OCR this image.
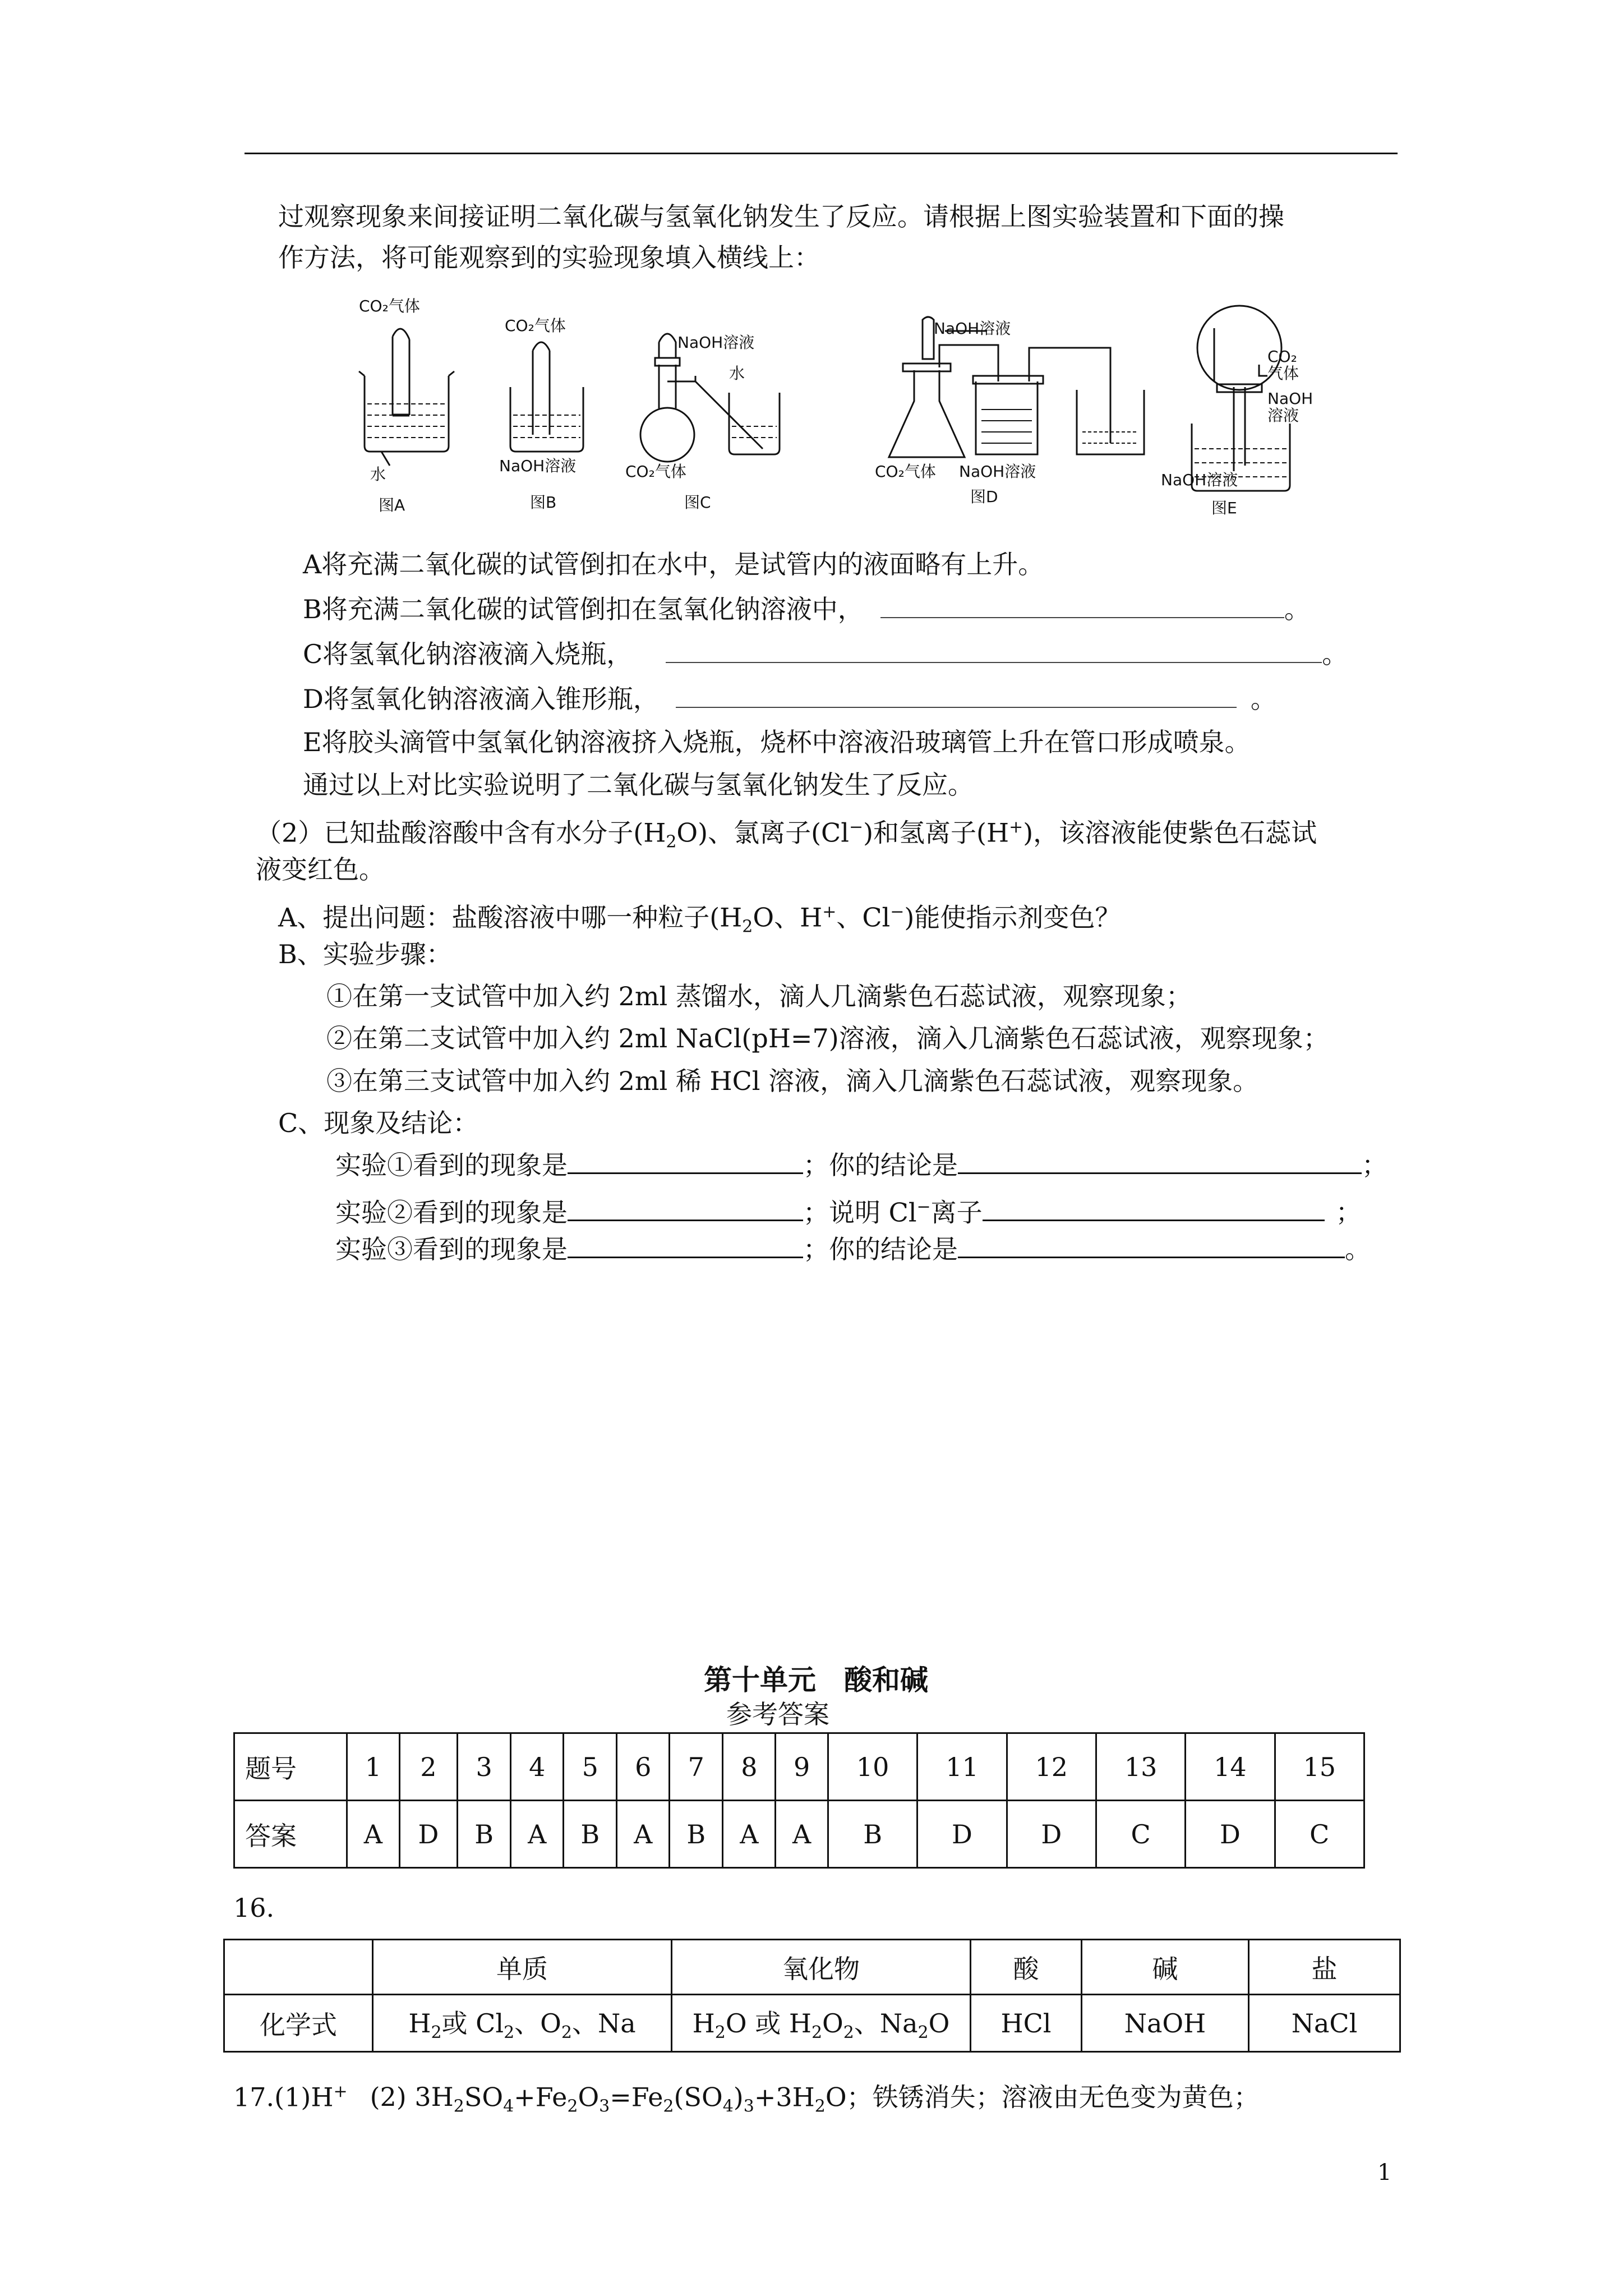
过观察现象来间接证明二氧化碳与氢氧化钠发生了反应。请根据上图实验装置和下面的操
作方法，将可能观察到的实验现象填入横线上：
CO₂气体
水
图A
CO₂气体
NaOH溶液
图B
NaOH溶液
水
CO₂气体
图C
NaOH溶液
CO₂气体 NaOH溶液
图D
CO₂
气体
NaOH
溶液
NaOH溶液
图E
A将充满二氧化碳的试管倒扣在水中，是试管内的液面略有上升。
B将充满二氧化碳的试管倒扣在氢氧化钠溶液中，	。
C将氢氧化钠溶液滴入烧瓶，	。
D将氢氧化钠溶液滴入锥形瓶，	。
E将胶头滴管中氢氧化钠溶液挤入烧瓶，烧杯中溶液沿玻璃管上升在管口形成喷泉。
通过以上对比实验说明了二氧化碳与氢氧化钠发生了反应。
（2）已知盐酸溶酸中含有水分子$(H_2O)$、氯离子(Cl−)和氢离子(H+)，该溶液能使紫色石蕊试
液变红色。
A、提出问题：盐酸溶液中哪一种粒子($H_2O$、H+、Cl−)能使指示剂变色？
B、实验步骤：
①在第一支试管中加入约 2ml 蒸馏水，滴人几滴紫色石蕊试液，观察现象；
②在第二支试管中加入约 2ml NaCl(pH=7)溶液，滴入几滴紫色石蕊试液，观察现象；
③在第三支试管中加入约 2ml 稀 HCl 溶液，滴入几滴紫色石蕊试液，观察现象。
C、现象及结论：
实验①看到的现象是	；你的结论是	；
实验②看到的现象是	；说明 Cl−离子	；
实验③看到的现象是	；你的结论是	。
第十单元　酸和碱
参考答案
题号	1	2	3	4	5	6	7	8	9	10	11	12	13	14	15
答案	A	D	B	A	B	A	B	A	A	B	D	D	C	D	C
16.
	单质	氧化物	酸	碱	盐
化学式	$H_2$或 $Cl_2$、$O_2$、Na	$H_2O$ 或 $H_2O_2$、$Na_2O$	HCl	NaOH	NaCl
17.(1)H+ (2) $3H_2SO_4+Fe_2O_3=Fe_2(SO_4)_3+3H_2O$；铁锈消失；溶液由无色变为黄色；
1
